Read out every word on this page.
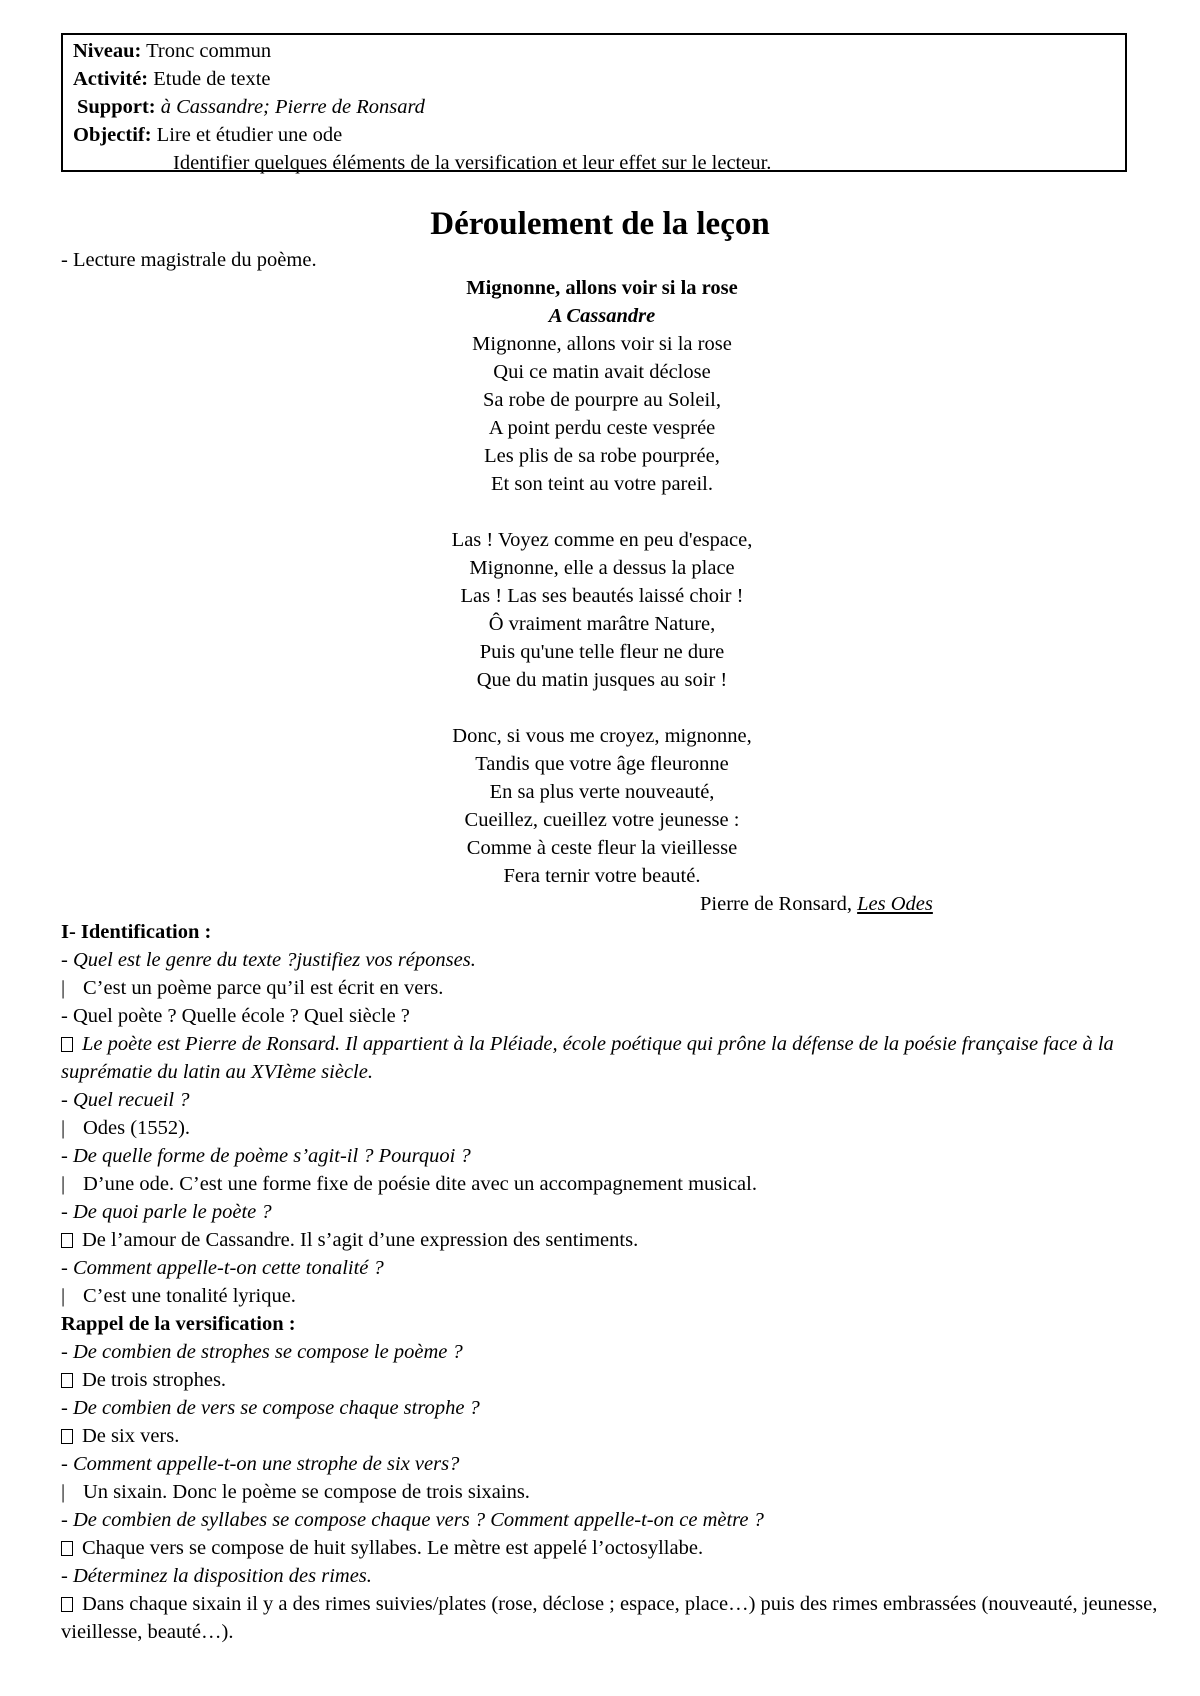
Niveau: Tronc commun
Activité: Etude de texte
Support: à Cassandre; Pierre de Ronsard
Objectif: Lire et étudier une ode
Identifier quelques éléments de la versification et leur effet sur le lecteur.
Déroulement de la leçon
- Lecture magistrale du poème.
Mignonne, allons voir si la rose
A Cassandre
Mignonne, allons voir si la rose
Qui ce matin avait déclose
Sa robe de pourpre au Soleil,
A point perdu ceste vesprée
Les plis de sa robe pourprée,
Et son teint au votre pareil.
Las ! Voyez comme en peu d'espace,
Mignonne, elle a dessus la place
Las ! Las ses beautés laissé choir !
Ô vraiment marâtre Nature,
Puis qu'une telle fleur ne dure
Que du matin jusques au soir !
Donc, si vous me croyez, mignonne,
Tandis que votre âge fleuronne
En sa plus verte nouveauté,
Cueillez, cueillez votre jeunesse :
Comme à ceste fleur la vieillesse
Fera ternir votre beauté.
Pierre de Ronsard, Les Odes
I- Identification :
- Quel est le genre du texte ?justifiez vos réponses.
| C’est un poème parce qu’il est écrit en vers.
- Quel poète ? Quelle école ? Quel siècle ?
Le poète est Pierre de Ronsard. Il appartient à la Pléiade, école poétique qui prône la défense de la poésie française face à la suprématie du latin au XVIème siècle.
- Quel recueil ?
| Odes (1552).
- De quelle forme de poème s’agit-il ? Pourquoi ?
| D’une ode. C’est une forme fixe de poésie dite avec un accompagnement musical.
- De quoi parle le poète ?
De l’amour de Cassandre. Il s’agit d’une expression des sentiments.
- Comment appelle-t-on cette tonalité ?
| C’est une tonalité lyrique.
Rappel de la versification :
- De combien de strophes se compose le poème ?
De trois strophes.
- De combien de vers se compose chaque strophe ?
De six vers.
- Comment appelle-t-on une strophe de six vers?
| Un sixain. Donc le poème se compose de trois sixains.
- De combien de syllabes se compose chaque vers ? Comment appelle-t-on ce mètre ?
Chaque vers se compose de huit syllabes. Le mètre est appelé l’octosyllabe.
- Déterminez la disposition des rimes.
Dans chaque sixain il y a des rimes suivies/plates (rose, déclose ; espace, place…) puis des rimes embrassées (nouveauté, jeunesse, vieillesse, beauté…).
